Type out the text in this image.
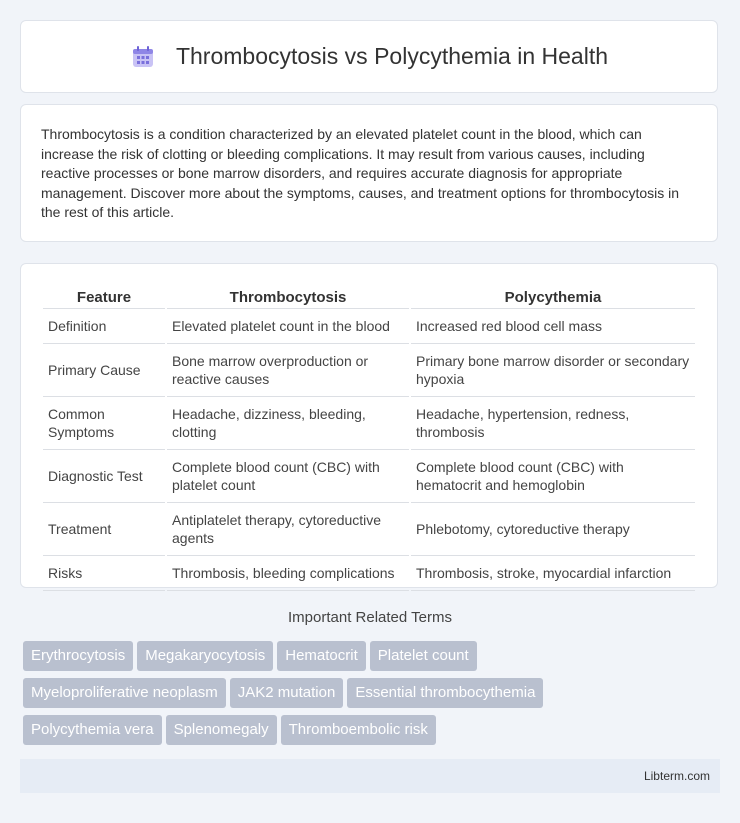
Thrombocytosis vs Polycythemia in Health

Thrombocytosis is a condition characterized by an elevated platelet count in the blood, which can increase the risk of clotting or bleeding complications. It may result from various causes, including reactive processes or bone marrow disorders, and requires accurate diagnosis for appropriate management. Discover more about the symptoms, causes, and treatment options for thrombocytosis in the rest of this article.

Feature	Thrombocytosis	Polycythemia
Definition	Elevated platelet count in the blood	Increased red blood cell mass
Primary Cause	Bone marrow overproduction or reactive causes	Primary bone marrow disorder or secondary hypoxia
Common Symptoms	Headache, dizziness, bleeding, clotting	Headache, hypertension, redness, thrombosis
Diagnostic Test	Complete blood count (CBC) with platelet count	Complete blood count (CBC) with hematocrit and hemoglobin
Treatment	Antiplatelet therapy, cytoreductive agents	Phlebotomy, cytoreductive therapy
Risks	Thrombosis, bleeding complications	Thrombosis, stroke, myocardial infarction
Important Related Terms
Erythrocytosis Megakaryocytosis Hematocrit Platelet count
Myeloproliferative neoplasm JAK2 mutation Essential thrombocythemia
Polycythemia vera Splenomegaly Thromboembolic risk
Libterm.com
